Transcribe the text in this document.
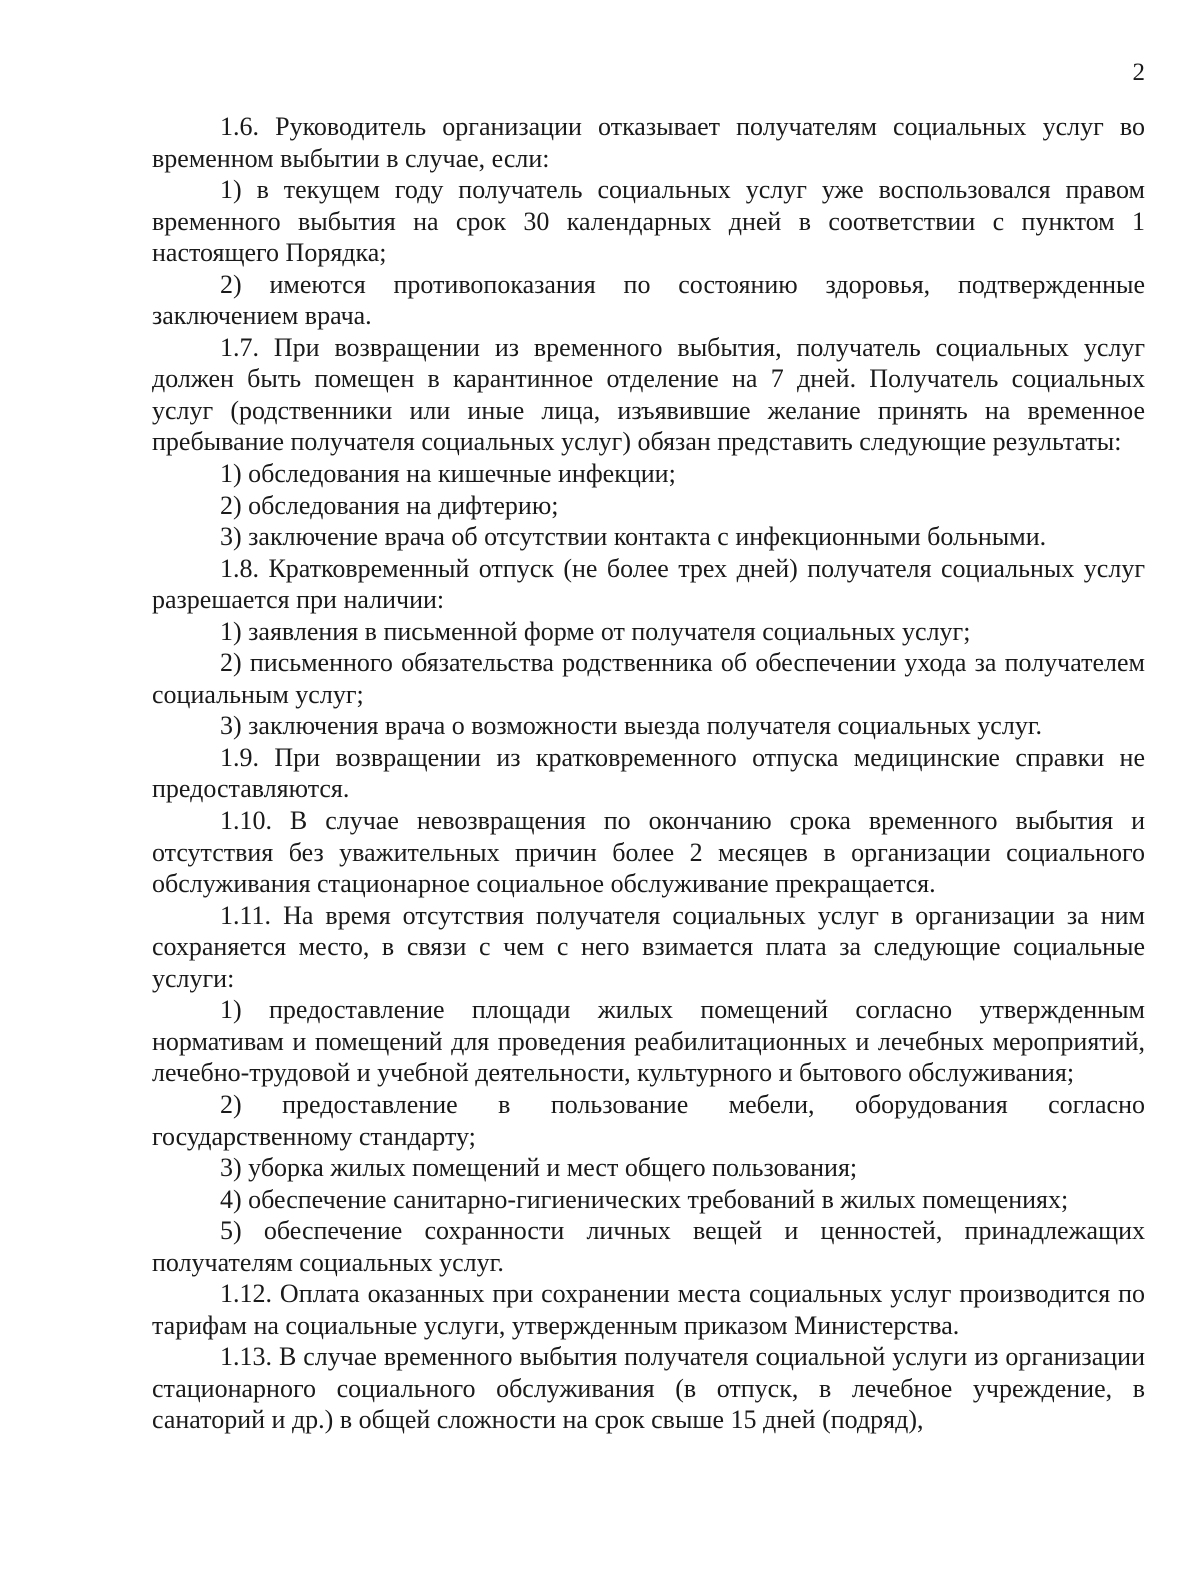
2

1.6. Руководитель организации отказывает получателям социальных услуг во временном выбытии в случае, если:

1) в текущем году получатель социальных услуг уже воспользовался правом временного выбытия на срок 30 календарных дней в соответствии с пунктом 1 настоящего Порядка;

2) имеются противопоказания по состоянию здоровья, подтвержденные заключением врача.

1.7. При возвращении из временного выбытия, получатель социальных услуг должен быть помещен в карантинное отделение на 7 дней. Получатель социальных услуг (родственники или иные лица, изъявившие желание принять на временное пребывание получателя социальных услуг) обязан представить следующие результаты:

1) обследования на кишечные инфекции;

2) обследования на дифтерию;

3) заключение врача об отсутствии контакта с инфекционными больными.

1.8. Кратковременный отпуск (не более трех дней) получателя социальных услуг разрешается при наличии:

1) заявления в письменной форме от получателя социальных услуг;

2) письменного обязательства родственника об обеспечении ухода за получателем социальным услуг;

3) заключения врача о возможности выезда получателя социальных услуг.

1.9. При возвращении из кратковременного отпуска медицинские справки не предоставляются.

1.10. В случае невозвращения по окончанию срока временного выбытия и отсутствия без уважительных причин более 2 месяцев в организации социального обслуживания стационарное социальное обслуживание прекращается.

1.11. На время отсутствия получателя социальных услуг в организации за ним сохраняется место, в связи с чем с него взимается плата за следующие социальные услуги:

1) предоставление площади жилых помещений согласно утвержденным нормативам и помещений для проведения реабилитационных и лечебных мероприятий, лечебно-трудовой и учебной деятельности, культурного и бытового обслуживания;

2) предоставление в пользование мебели, оборудования согласно государственному стандарту;

3) уборка жилых помещений и мест общего пользования;

4) обеспечение санитарно-гигиенических требований в жилых помещениях;

5) обеспечение сохранности личных вещей и ценностей, принадлежащих получателям социальных услуг.

1.12. Оплата оказанных при сохранении места социальных услуг производится по тарифам на социальные услуги, утвержденным приказом Министерства.

1.13. В случае временного выбытия получателя социальной услуги из организации стационарного социального обслуживания (в отпуск, в лечебное учреждение, в санаторий и др.) в общей сложности на срок свыше 15 дней (подряд),
